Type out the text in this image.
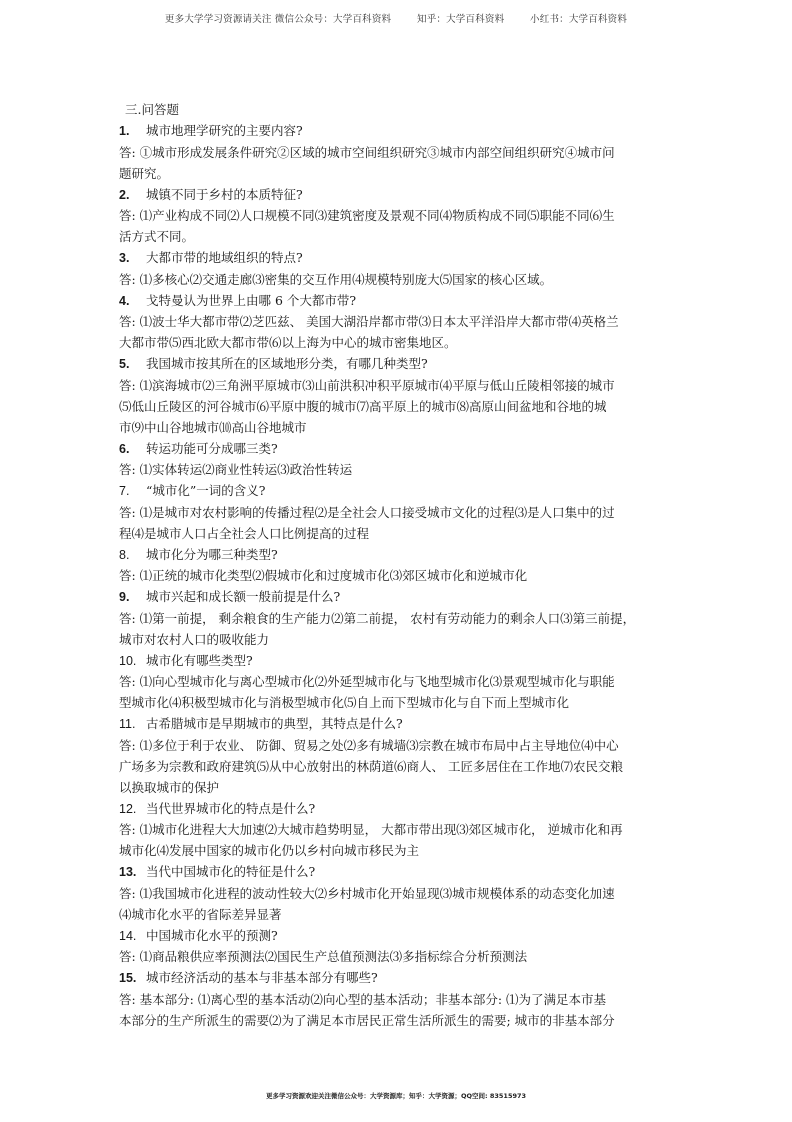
更多大学学习资源请关注 微信公众号：大学百科资料        知乎：大学百科资料        小红书：大学百科资料
三.问答题
1. 城市地理学研究的主要内容?
答: ①城市形成发展条件研究②区域的城市空间组织研究③城市内部空间组织研究④城市问
题研究。
2. 城镇不同于乡村的本质特征?
答: ⑴产业构成不同⑵人口规模不同⑶建筑密度及景观不同⑷物质构成不同⑸职能不同⑹生
活方式不同。
3. 大都市带的地域组织的特点?
答: ⑴多核心⑵交通走廊⑶密集的交互作用⑷规模特别庞大⑸国家的核心区域。
4. 戈特曼认为世界上由哪 6 个大都市带?
答: ⑴波士华大都市带⑵芝匹兹、 美国大湖沿岸都市带⑶日本太平洋沿岸大都市带⑷英格兰
大都市带⑸西北欧大都市带⑹以上海为中心的城市密集地区。
5. 我国城市按其所在的区域地形分类，有哪几种类型?
答: ⑴滨海城市⑵三角洲平原城市⑶山前洪积冲积平原城市⑷平原与低山丘陵相邻接的城市
⑸低山丘陵区的河谷城市⑹平原中腹的城市⑺高平原上的城市⑻高原山间盆地和谷地的城
市⑼中山谷地城市⑽高山谷地城市
6. 转运功能可分成哪三类?
答: ⑴实体转运⑵商业性转运⑶政治性转运
7. “城市化”一词的含义?
答: ⑴是城市对农村影响的传播过程⑵是全社会人口接受城市文化的过程⑶是人口集中的过
程⑷是城市人口占全社会人口比例提高的过程
8. 城市化分为哪三种类型?
答: ⑴正统的城市化类型⑵假城市化和过度城市化⑶郊区城市化和逆城市化
9. 城市兴起和成长额一般前提是什么?
答: ⑴第一前提， 剩余粮食的生产能力⑵第二前提， 农村有劳动能力的剩余人口⑶第三前提，
城市对农村人口的吸收能力
10. 城市化有哪些类型?
答: ⑴向心型城市化与离心型城市化⑵外延型城市化与飞地型城市化⑶景观型城市化与职能
型城市化⑷积极型城市化与消极型城市化⑸自上而下型城市化与自下而上型城市化
11. 古希腊城市是早期城市的典型，其特点是什么?
答: ⑴多位于利于农业、 防御、贸易之处⑵多有城墙⑶宗教在城市布局中占主导地位⑷中心
广场多为宗教和政府建筑⑸从中心放射出的林荫道⑹商人、 工匠多居住在工作地⑺农民交粮
以换取城市的保护
12. 当代世界城市化的特点是什么?
答: ⑴城市化进程大大加速⑵大城市趋势明显， 大都市带出现⑶郊区城市化， 逆城市化和再
城市化⑷发展中国家的城市化仍以乡村向城市移民为主
13. 当代中国城市化的特征是什么?
答: ⑴我国城市化进程的波动性较大⑵乡村城市化开始显现⑶城市规模体系的动态变化加速
⑷城市化水平的省际差异显著
14. 中国城市化水平的预测?
答: ⑴商品粮供应率预测法⑵国民生产总值预测法⑶多指标综合分析预测法
15. 城市经济活动的基本与非基本部分有哪些?
答: 基本部分: ⑴离心型的基本活动⑵向心型的基本活动；非基本部分: ⑴为了满足本市基
本部分的生产所派生的需要⑵为了满足本市居民正常生活所派生的需要; 城市的非基本部分
更多学习资源欢迎关注微信公众号：大学资源库；知乎：大学资源；QQ空间: 83515973
